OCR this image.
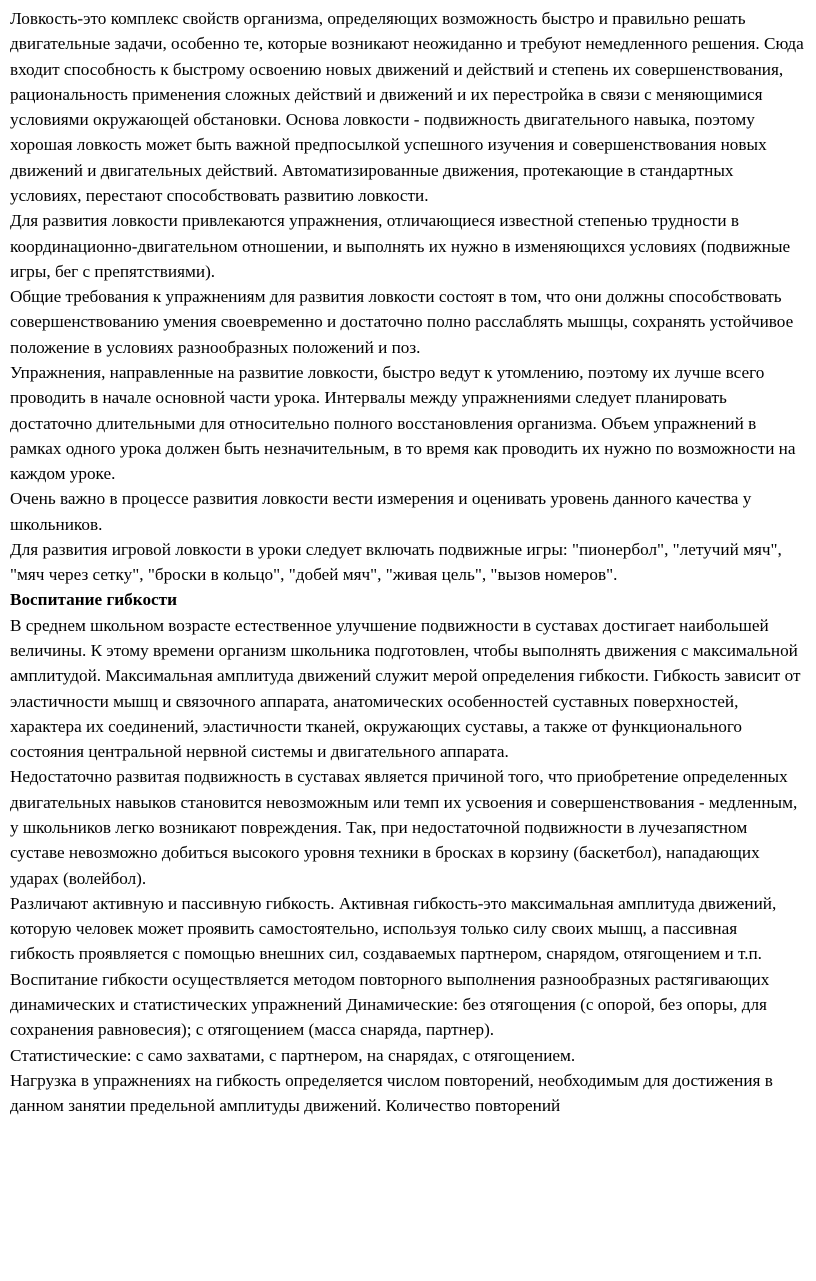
Ловкость-это комплекс свойств организма, определяющих возможность быстро и правильно решать двигательные задачи, особенно те, которые возникают неожиданно и требуют немедленного решения. Сюда входит способность к быстрому освоению новых движений и действий и степень их совершенствования, рациональность применения сложных действий и движений и их перестройка в связи с меняющимися условиями окружающей обстановки. Основа ловкости - подвижность двигательного навыка, поэтому хорошая ловкость может быть важной предпосылкой успешного изучения и совершенствования новых движений и двигательных действий. Автоматизированные движения, протекающие в стандартных условиях, перестают способствовать развитию ловкости.

Для развития ловкости привлекаются упражнения, отличающиеся известной степенью трудности в координационно-двигательном отношении, и выполнять их нужно в изменяющихся условиях (подвижные игры, бег с препятствиями).

Общие требования к упражнениям для развития ловкости состоят в том, что они должны способствовать совершенствованию умения своевременно и достаточно полно расслаблять мышцы, сохранять устойчивое положение в условиях разнообразных положений и поз.

Упражнения, направленные на развитие ловкости, быстро ведут к утомлению, поэтому их лучше всего проводить в начале основной части урока. Интервалы между упражнениями следует планировать достаточно длительными для относительно полного восстановления организма. Объем упражнений в рамках одного урока должен быть незначительным, в то время как проводить их нужно по возможности на каждом уроке.

Очень важно в процессе развития ловкости вести измерения и оценивать уровень данного качества у школьников.

Для развития игровой ловкости в уроки следует включать подвижные игры: "пионербол", "летучий мяч", "мяч через сетку", "броски в кольцо", "добей мяч", "живая цель", "вызов номеров".

Воспитание гибкости

В среднем школьном возрасте естественное улучшение подвижности в суставах достигает наибольшей величины. К этому времени организм школьника подготовлен, чтобы выполнять движения с максимальной амплитудой. Максимальная амплитуда движений служит мерой определения гибкости. Гибкость зависит от эластичности мышц и связочного аппарата, анатомических особенностей суставных поверхностей, характера их соединений, эластичности тканей, окружающих суставы, а также от функционального состояния центральной нервной системы и двигательного аппарата.

Недостаточно развитая подвижность в суставах является причиной того, что приобретение определенных двигательных навыков становится невозможным или темп их усвоения и совершенствования - медленным, у школьников легко возникают повреждения. Так, при недостаточной подвижности в лучезапястном суставе невозможно добиться высокого уровня техники в бросках в корзину (баскетбол), нападающих ударах (волейбол).

Различают активную и пассивную гибкость. Активная гибкость-это максимальная амплитуда движений, которую человек может проявить самостоятельно, используя только силу своих мышц, а пассивная гибкость проявляется с помощью внешних сил, создаваемых партнером, снарядом, отягощением и т.п.

Воспитание гибкости осуществляется методом повторного выполнения разнообразных растягивающих динамических и статистических упражнений Динамические: без отягощения (с опорой, без опоры, для сохранения равновесия); с отягощением (масса снаряда, партнер).

Статистические: с само захватами, с партнером, на снарядах, с отягощением.

Нагрузка в упражнениях на гибкость определяется числом повторений, необходимым для достижения в данном занятии предельной амплитуды движений. Количество повторений
